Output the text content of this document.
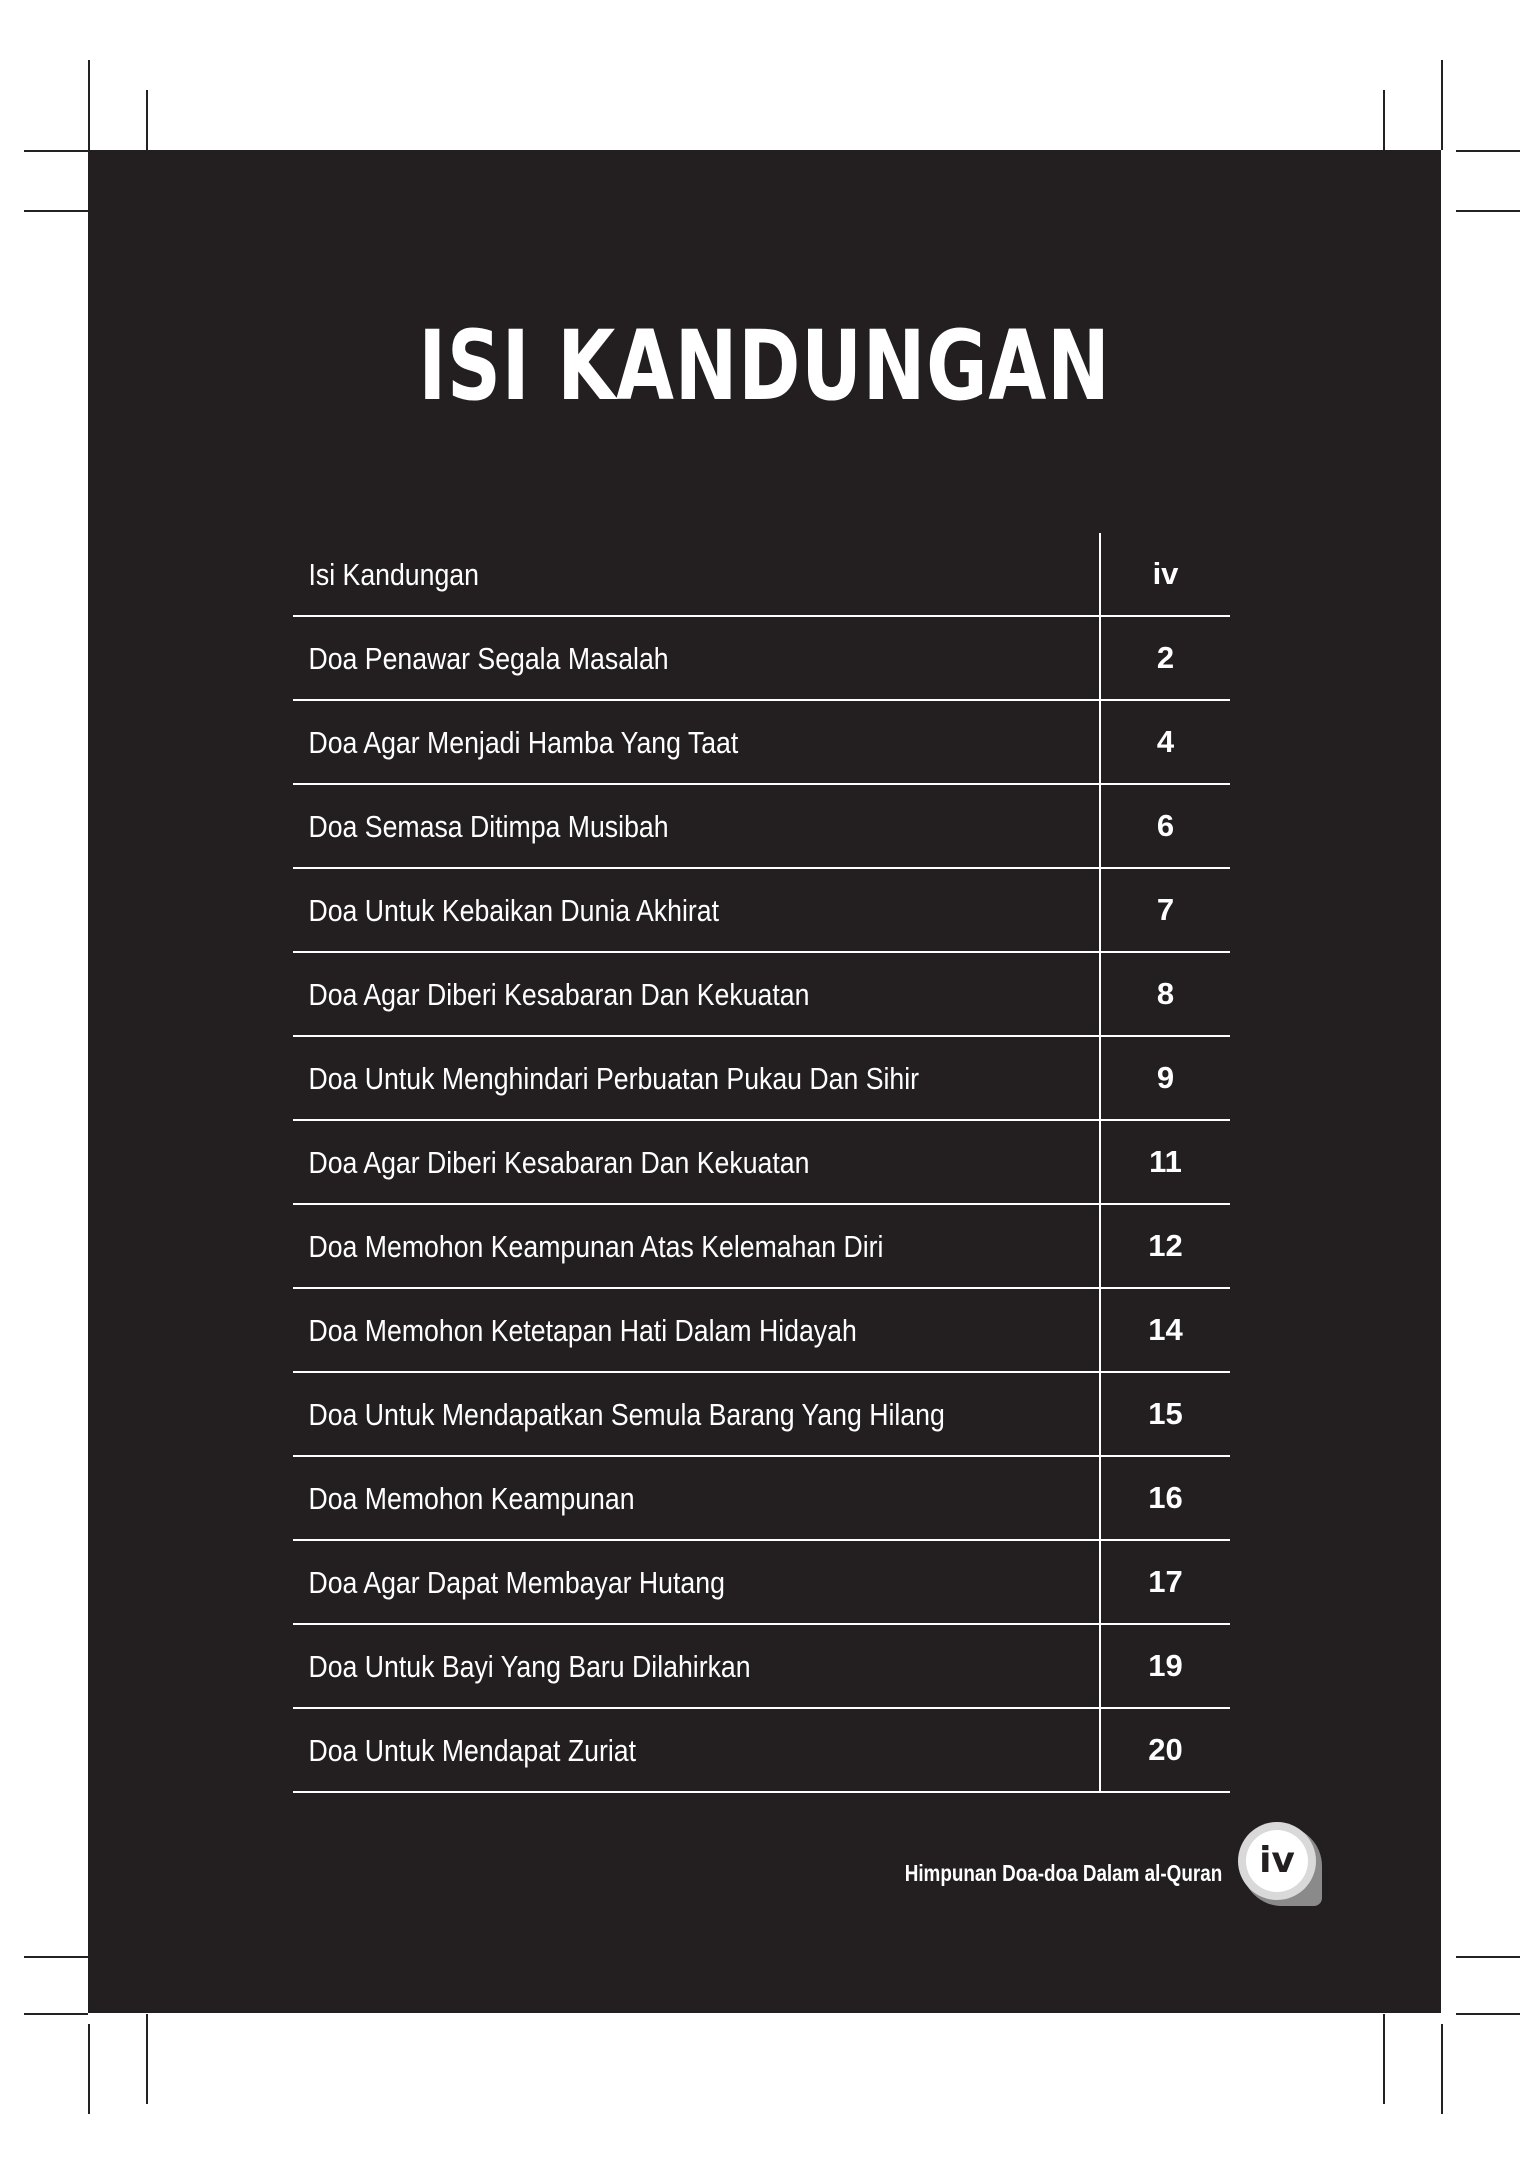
ISI KANDUNGAN
Isi Kandungan	iv
Doa Penawar Segala Masalah	2
Doa Agar Menjadi Hamba Yang Taat	4
Doa Semasa Ditimpa Musibah	6
Doa Untuk Kebaikan Dunia Akhirat	7
Doa Agar Diberi Kesabaran Dan Kekuatan	8
Doa Untuk Menghindari Perbuatan Pukau Dan Sihir	9
Doa Agar Diberi Kesabaran Dan Kekuatan	11
Doa Memohon Keampunan Atas Kelemahan Diri	12
Doa Memohon Ketetapan Hati Dalam Hidayah	14
Doa Untuk Mendapatkan Semula Barang Yang Hilang	15
Doa Memohon Keampunan	16
Doa Agar Dapat Membayar Hutang	17
Doa Untuk Bayi Yang Baru Dilahirkan	19
Doa Untuk Mendapat Zuriat	20
Himpunan Doa-doa Dalam al-Quran	iv
